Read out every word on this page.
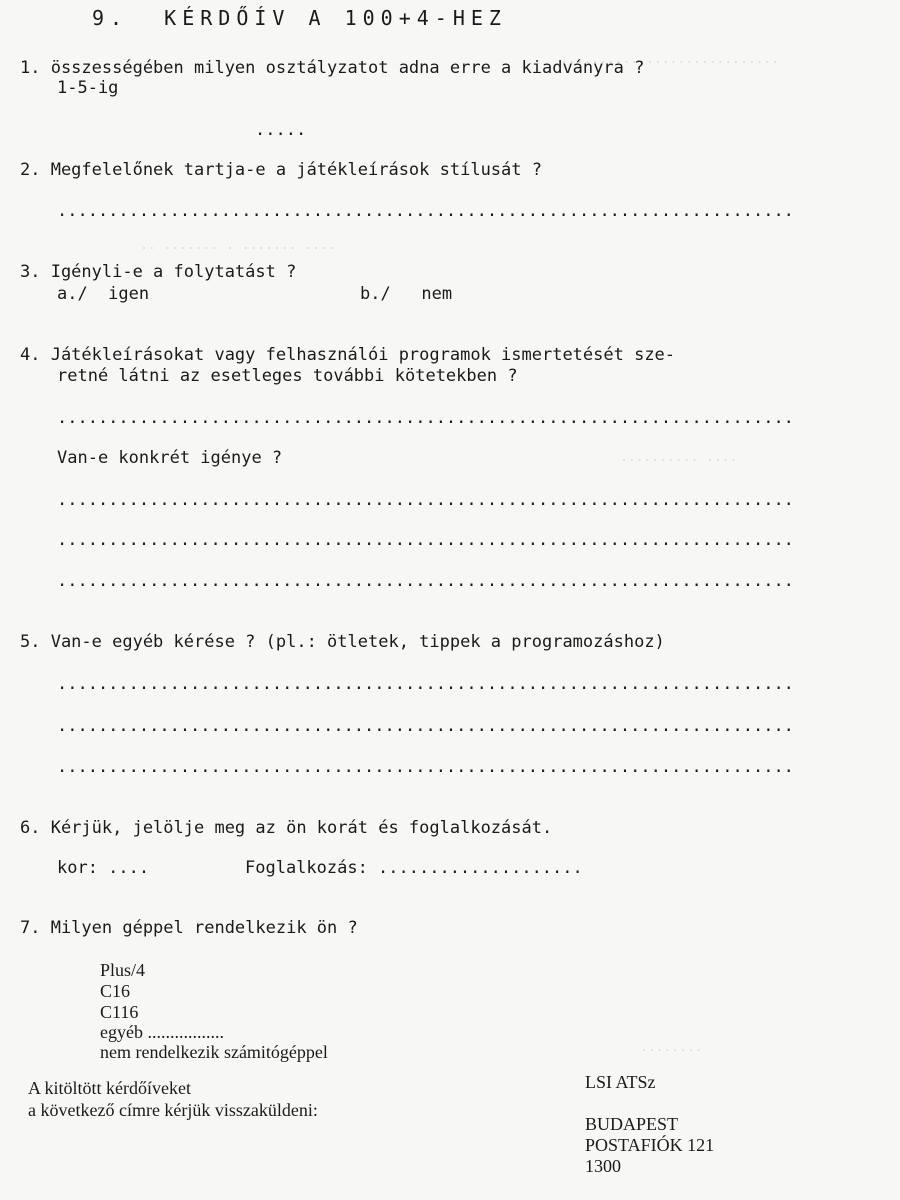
............................
.. ....... . ....... ....
.......... ....
........
9.  KÉRDŐÍV A 100+4-HEZ
1. összességében milyen osztályzatot adna erre a kiadványra ?
1-5-ig
.....
2. Megfelelőnek tartja-e a játékleírások stílusát ?
........................................................................
3. Igényli-e a folytatást ?
a./  igen	b./   nem
4. Játékleírásokat vagy felhasználói programok ismertetését sze-
retné látni az esetleges további kötetekben ?
........................................................................
Van-e konkrét igénye ?
........................................................................
........................................................................
........................................................................
5. Van-e egyéb kérése ? (pl.: ötletek, tippek a programozáshoz)
........................................................................
........................................................................
........................................................................
6. Kérjük, jelölje meg az ön korát és foglalkozását.
kor: ....	Foglalkozás: ....................
7. Milyen géppel rendelkezik ön ?
Plus/4
C16
C116
egyéb .................
nem rendelkezik számitógéppel
A kitöltött kérdőíveket
a következő címre kérjük visszaküldeni:
LSI ATSz
BUDAPEST
POSTAFIÓK 121
1300
